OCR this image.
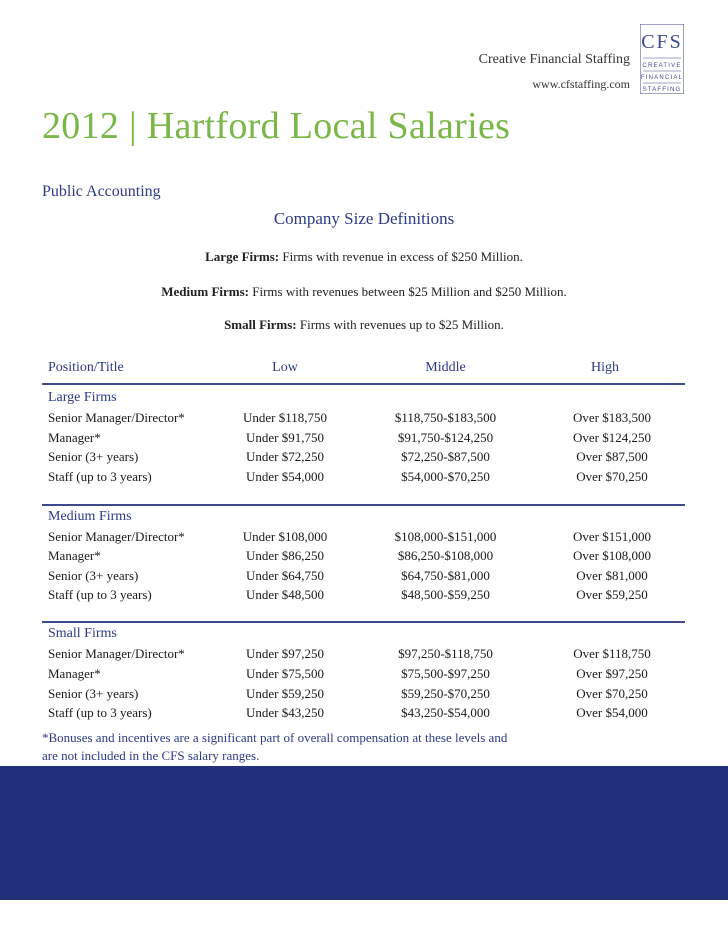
Creative Financial Staffing
www.cfstaffing.com
CFS
CREATIVE
FINANCIAL
STAFFING
2012 | Hartford Local Salaries
Public Accounting
Company Size Definitions
Large Firms: Firms with revenue in excess of $250 Million.
Medium Firms: Firms with revenues between $25 Million and $250 Million.
Small Firms: Firms with revenues up to $25 Million.
Position/Title	Low	Middle	High
Large Firms
Senior Manager/Director*	Under $118,750	$118,750-$183,500	Over $183,500
Manager*	Under $91,750	$91,750-$124,250	Over $124,250
Senior (3+ years)	Under $72,250	$72,250-$87,500	Over $87,500
Staff (up to 3 years)	Under $54,000	$54,000-$70,250	Over $70,250
Medium Firms
Senior Manager/Director*	Under $108,000	$108,000-$151,000	Over $151,000
Manager*	Under $86,250	$86,250-$108,000	Over $108,000
Senior (3+ years)	Under $64,750	$64,750-$81,000	Over $81,000
Staff (up to 3 years)	Under $48,500	$48,500-$59,250	Over $59,250
Small Firms
Senior Manager/Director*	Under $97,250	$97,250-$118,750	Over $118,750
Manager*	Under $75,500	$75,500-$97,250	Over $97,250
Senior (3+ years)	Under $59,250	$59,250-$70,250	Over $70,250
Staff (up to 3 years)	Under $43,250	$43,250-$54,000	Over $54,000
*Bonuses and incentives are a significant part of overall compensation at these levels and are not included in the CFS salary ranges.
